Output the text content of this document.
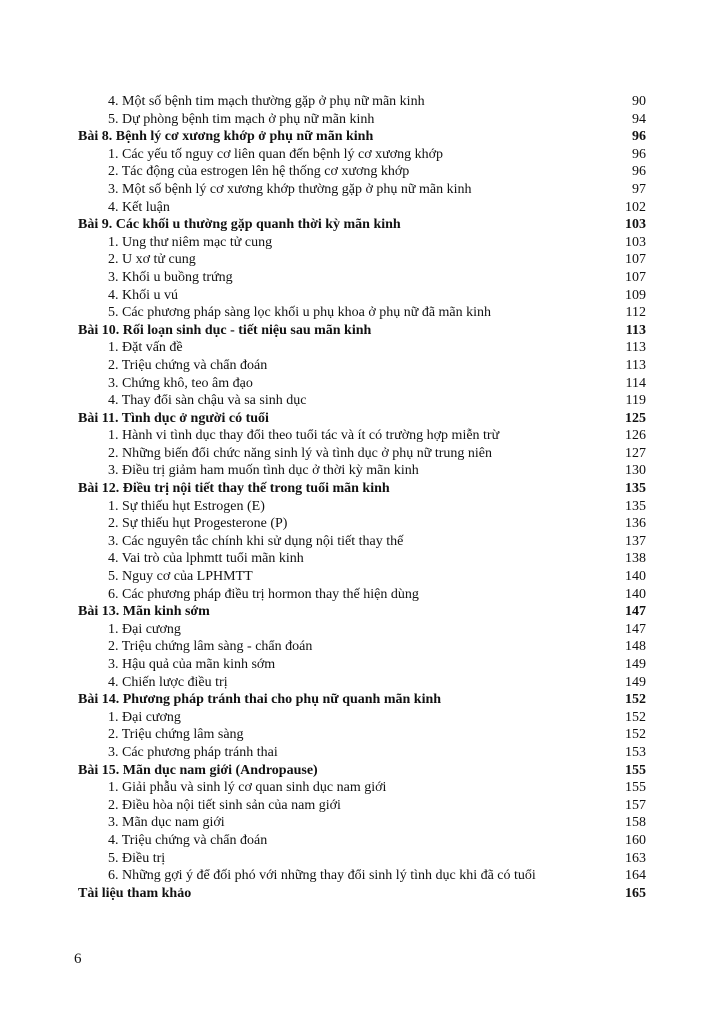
4. Một số bệnh tim mạch thường gặp ở phụ nữ mãn kinh	90
5. Dự phòng bệnh tim mạch ở phụ nữ mãn kinh	94
Bài 8. Bệnh lý cơ xương khớp ở phụ nữ mãn kinh	96
1. Các yếu tố nguy cơ liên quan đến bệnh lý cơ xương khớp	96
2. Tác động của estrogen lên hệ thống cơ xương khớp	96
3. Một số bệnh lý cơ xương khớp thường gặp ở phụ nữ mãn kinh	97
4. Kết luận	102
Bài 9. Các khối u thường gặp quanh thời kỳ mãn kinh	103
1. Ung thư niêm mạc tử cung	103
2. U xơ tử cung	107
3. Khối u buồng trứng	107
4. Khối u vú	109
5. Các phương pháp sàng lọc khối u phụ khoa ở phụ nữ đã mãn kinh	112
Bài 10. Rối loạn sinh dục - tiết niệu sau mãn kinh	113
1. Đặt vấn đề	113
2. Triệu chứng và chẩn đoán	113
3. Chứng khô, teo âm đạo	114
4. Thay đổi sàn chậu và sa sinh dục	119
Bài 11. Tình dục ở người có tuổi	125
1. Hành vi tình dục thay đổi theo tuổi tác và ít có trường hợp miễn trừ	126
2. Những biến đổi chức năng sinh lý và tình dục ở phụ nữ trung niên	127
3. Điều trị giảm ham muốn tình dục ở thời kỳ mãn kinh	130
Bài 12. Điều trị nội tiết thay thế trong tuổi mãn kinh	135
1. Sự thiếu hụt Estrogen (E)	135
2. Sự thiếu hụt Progesterone (P)	136
3. Các nguyên tắc chính khi sử dụng nội tiết thay thế	137
4. Vai trò của lphmtt tuổi mãn kinh	138
5. Nguy cơ của LPHMTT	140
6. Các phương pháp điều trị hormon thay thế hiện dùng	140
Bài 13. Mãn kinh sớm	147
1. Đại cương	147
2. Triệu chứng lâm sàng - chẩn đoán	148
3. Hậu quả của mãn kinh sớm	149
4. Chiến lược điều trị	149
Bài 14. Phương pháp tránh thai cho phụ nữ quanh mãn kinh	152
1. Đại cương	152
2. Triệu chứng lâm sàng	152
3. Các phương pháp tránh thai	153
Bài 15. Mãn dục nam giới (Andropause)	155
1. Giải phẫu và sinh lý cơ quan sinh dục nam giới	155
2. Điều hòa nội tiết sinh sản của nam giới	157
3. Mãn dục nam giới	158
4. Triệu chứng và chẩn đoán	160
5. Điều trị	163
6. Những gợi ý để đối phó với những thay đổi sinh lý tình dục khi đã có tuổi	164
Tài liệu tham khảo	165
6
